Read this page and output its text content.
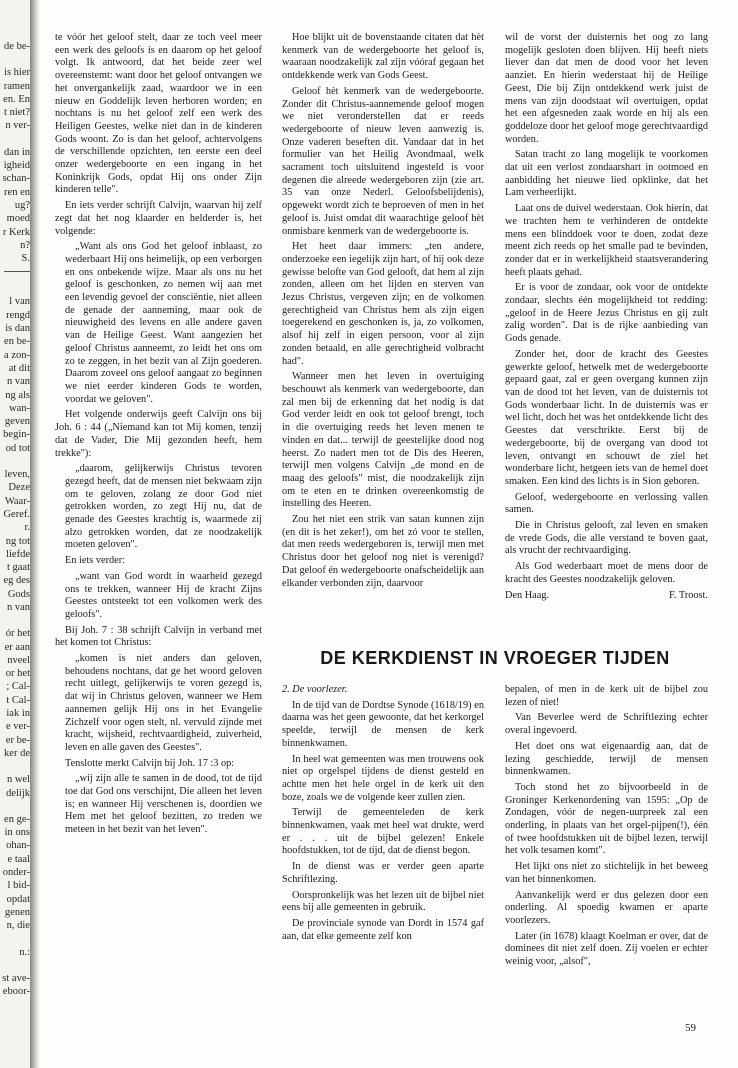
de be-

is hier

ramen

en. En

t niet?

n ver-

dan in

igheid

schan-

ren en

ug?

moed

r Kerk

n?

S.

l van

rengd

is dan

en be-

a zon-

at dit

n van

ng als

wan-

geven

begin-

od tot

leven,

Deze

Waar-

Geref.

r.

ng tot

liefde

t gaat

eg des

Gods

n van

ór het

er aan

nveel

or het

; Cal-

t Cal-

iak in

e ver-

er be-

ker de

n wel

delijk

en ge-

in ons

ohan-

e taal

onder-

l bid-

opdat

genen

n, die

n.:

st ave-

eboor-

te vóór het geloof stelt, daar ze toch veel meer een werk des geloofs is en daarom op het geloof volgt. Ik antwoord, dat het beide zeer wel overeenstemt: want door het geloof ontvangen we het onvergankelijk zaad, waardoor we in een nieuw en Goddelijk leven herboren worden; en nochtans is nu het geloof zelf een werk des Heiligen Geestes, welke niet dan in de kinderen Gods woont. Zo is dan het geloof, achtervolgens de verschillende opzichten, ten eerste een deel onzer wedergeboorte en een ingang in het Koninkrijk Gods, opdat Hij ons onder Zijn kinderen telle".

En iets verder schrijft Calvijn, waarvan hij zelf zegt dat het nog klaarder en helderder is, het volgende:

„Want als ons God het geloof inblaast, zo wederbaart Hij ons heimelijk, op een verborgen en ons onbekende wijze. Maar als ons nu het geloof is geschonken, zo nemen wij aan met een levendig gevoel der consciëntie, niet alleen de genade der aanneming, maar ook de nieuwigheid des levens en alle andere gaven van de Heilige Geest. Want aangezien het geloof Christus aanneemt, zo leidt het ons om zo te zeggen, in het bezit van al Zijn goederen. Daarom zoveel ons geloof aangaat zo beginnen we niet eerder kinderen Gods te worden, voordat we geloven".

Het volgende onderwijs geeft Calvijn ons bij Joh. 6 : 44 („Niemand kan tot Mij komen, tenzij dat de Vader, Die Mij gezonden heeft, hem trekke"):

„daarom, gelijkerwijs Christus tevoren gezegd heeft, dat de mensen niet bekwaam zijn om te geloven, zolang ze door God niet getrokken worden, zo zegt Hij nu, dat de genade des Geestes krachtig is, waarmede zij alzo getrokken worden, dat ze noodzakelijk moeten geloven".

En iets verder:

„want van God wordt in waarheid gezegd ons te trekken, wanneer Hij de kracht Zijns Geestes ontsteekt tot een volkomen werk des geloofs".

Bij Joh. 7 : 38 schrijft Calvijn in verband met het komen tot Christus:

„komen is niet anders dan geloven, behoudens nochtans, dat ge het woord geloven recht uitlegt, gelijkerwijs te voren gezegd is, dat wij in Christus geloven, wanneer we Hem aannemen gelijk Hij ons in het Evangelie Zichzelf voor ogen stelt, nl. vervuld zijnde met kracht, wijsheid, rechtvaardigheid, zuiverheid, leven en alle gaven des Geestes".

Tenslotte merkt Calvijn bij Joh. 17 :3 op:

„wij zijn alle te samen in de dood, tot de tijd toe dat God ons verschijnt, Die alleen het leven is; en wanneer Hij verschenen is, doordien we Hem met het geloof bezitten, zo treden we meteen in het bezit van het leven".

Hoe blijkt uit de bovenstaande citaten dat hèt kenmerk van de wedergeboorte het geloof is, waaraan noodzakelijk zal zijn vóóraf gegaan het ontdekkende werk van Gods Geest.

Geloof hèt kenmerk van de wedergeboorte. Zonder dit Christus-aannemende geloof mogen we niet veronderstellen dat er reeds wedergeboorte of nieuw leven aanwezig is. Onze vaderen beseften dit. Vandaar dat in het formulier van het Heilig Avondmaal, welk sacrament toch uitsluitend ingesteld is voor degenen die alreede wedergeboren zijn (zie art. 35 van onze Nederl. Geloofsbelijdenis), opgewekt wordt zich te beproeven of men in het geloof is. Juist omdat dit waarachtige geloof hèt onmisbare kenmerk van de wedergeboorte is.

Het heet daar immers: „ten andere, onderzoeke een iegelijk zijn hart, of hij ook deze gewisse belofte van God gelooft, dat hem al zijn zonden, alleen om het lijden en sterven van Jezus Christus, vergeven zijn; en de volkomen gerechtigheid van Christus hem als zijn eigen toegerekend en geschonken is, ja, zo volkomen, alsof hij zelf in eigen persoon, voor al zijn zonden betaald, en alle gerechtigheid volbracht had".

Wanneer men het leven in overtuiging beschouwt als kenmerk van wedergeboorte, dan zal men bij de erkenning dat het nodig is dat God verder leidt en ook tot geloof brengt, toch in die overtuiging reeds het leven menen te vinden en dat... terwijl de geestelijke dood nog heerst. Zo nadert men tot de Dis des Heeren, terwijl men volgens Calvijn „de mond en de maag des geloofs" mist, die noodzakelijk zijn om te eten en te drinken overeenkomstig de instelling des Heeren.

Zou het niet een strik van satan kunnen zijn (en dit is het zeker!), om het zó voor te stellen, dat men reeds wedergeboren is, terwijl men met Christus door het geloof nog niet is verenigd? Dat geloof én wedergeboorte onafscheidelijk aan elkander verbonden zijn, daarvoor

wil de vorst der duisternis het oog zo lang mogelijk gesloten doen blijven. Hij heeft niets liever dan dat men de dood voor het leven aanziet. En hierin wederstaat hij de Heilige Geest, Die bij Zijn ontdekkend werk juist de mens van zijn doodstaat wil overtuigen, opdat het een afgesneden zaak worde en hij als een goddeloze door het geloof moge gerechtvaardigd worden.

Satan tracht zo lang mogelijk te voorkomen dat uit een verlost zondaarshart in ootmoed en aanbidding het nieuwe lied opklinke, dat het Lam verheerlijkt.

Laat ons de duivel wederstaan. Ook hierin, dat we trachten hem te verhinderen de ontdekte mens een blinddoek voor te doen, zodat deze meent zich reeds op het smalle pad te bevinden, zonder dat er in werkelijkheid staatsverandering heeft plaats gehad.

Er is voor de zondaar, ook voor de ontdekte zondaar, slechts één mogelijkheid tot redding: „geloof in de Heere Jezus Christus en gij zult zalig worden". Dat is de rijke aanbieding van Gods genade.

Zonder het, door de kracht des Geestes gewerkte geloof, hetwelk met de wedergeboorte gepaard gaat, zal er geen overgang kunnen zijn van de dood tot het leven, van de duisternis tot Gods wonderbaar licht. In de duisternis was er wel licht, doch het was het ontdekkende licht des Geestes dat verschrikte. Eerst bij de wedergeboorte, bij de overgang van dood tot leven, ontvangt en schouwt de ziel het wonderbare licht, hetgeen iets van de hemel doet smaken. Een kind des lichts is in Sion geboren.

Geloof, wedergeboorte en verlossing vallen samen.

Die in Christus gelooft, zal leven en smaken de vrede Gods, die alle verstand te boven gaat, als vrucht der rechtvaardiging.

Als God wederbaart moet de mens door de kracht des Geestes noodzakelijk geloven.

Den Haag.	F. Troost.
DE KERKDIENST IN VROEGER TIJDEN

2. De voorlezer.

In de tijd van de Dordtse Synode (1618/19) en daarna was het geen gewoonte, dat het kerkorgel speelde, terwijl de mensen de kerk binnenkwamen.

In heel wat gemeenten was men trouwens ook niet op orgelspel tijdens de dienst gesteld en achtte men het hele orgel in de kerk uit den boze, zoals we de volgende keer zullen zien.

Terwijl de gemeenteleden de kerk binnenkwamen, vaak met heel wat drukte, werd er . . . uit de bijbel gelezen! Enkele hoofdstukken, tot de tijd, dat de dienst begon.

In de dienst was er verder geen aparte Schriftlezing.

Oorspronkelijk was het lezen uit de bijbel niet eens bij alle gemeenten in gebruik.

De provinciale synode van Dordt in 1574 gaf aan, dat elke gemeente zelf kon

bepalen, of men in de kerk uit de bijbel zou lezen of niet!

Van Beverlee werd de Schriftlezing echter overal ingevoerd.

Het doet ons wat eigenaardig aan, dat de lezing geschiedde, terwijl de mensen binnenkwamen.

Toch stond het zo bijvoorbeeld in de Groninger Kerkenordening van 1595: „Op de Zondagen, vóór de negen-uurpreek zal een onderling, in plaats van het orgel-pijpen(!), één of twee hoofdstukken uit de bijbel lezen, terwijl het volk tesamen komt".

Het lijkt ons niet zo stichtelijk in het beweeg van het binnenkomen.

Aanvankelijk werd er dus gelezen door een onderling. Al spoedig kwamen er aparte voorlezers.

Later (in 1678) klaagt Koelman er over, dat de dominees dit niet zelf doen. Zij voelen er echter weinig voor, „alsof",

59
